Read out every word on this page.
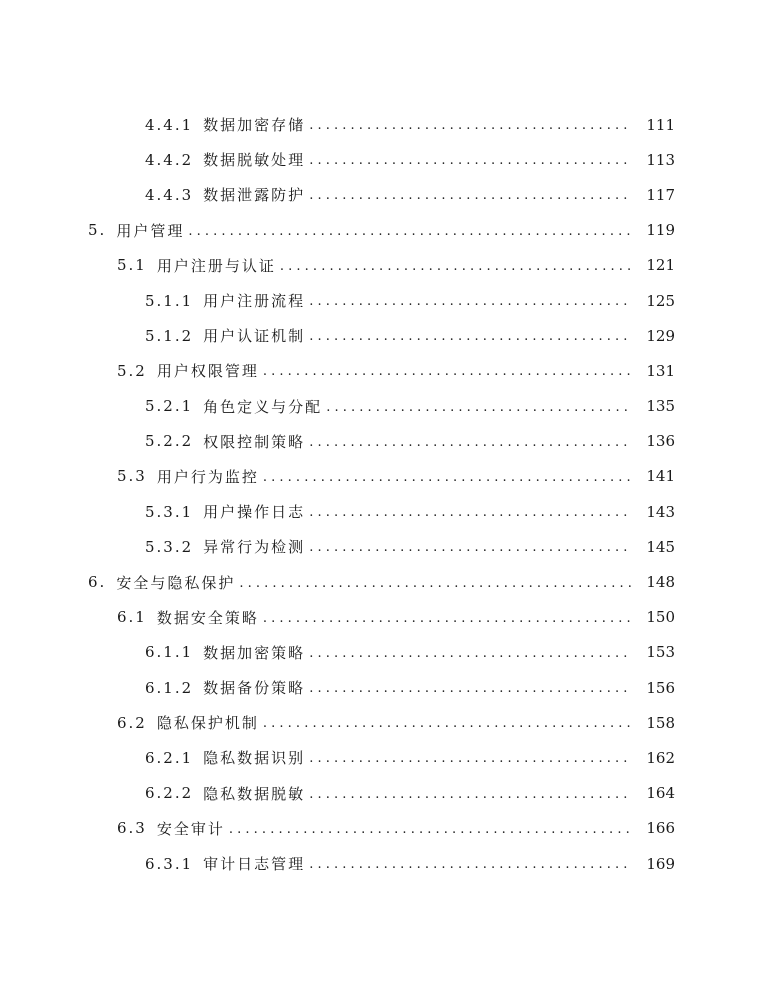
4.4.1 数据加密存储 . . .	111
4.4.2 数据脱敏处理 . . .	113
4.4.3 数据泄露防护 . . .	117
5. 用户管理 . . .	119
5.1 用户注册与认证 . . .	121
5.1.1 用户注册流程 . . .	125
5.1.2 用户认证机制 . . .	129
5.2 用户权限管理 . . .	131
5.2.1 角色定义与分配 . . .	135
5.2.2 权限控制策略 . . .	136
5.3 用户行为监控 . . .	141
5.3.1 用户操作日志 . . .	143
5.3.2 异常行为检测 . . .	145
6. 安全与隐私保护 . . .	148
6.1 数据安全策略 . . .	150
6.1.1 数据加密策略 . . .	153
6.1.2 数据备份策略 . . .	156
6.2 隐私保护机制 . . .	158
6.2.1 隐私数据识别 . . .	162
6.2.2 隐私数据脱敏 . . .	164
6.3 安全审计 . . .	166
6.3.1 审计日志管理 . . .	169
